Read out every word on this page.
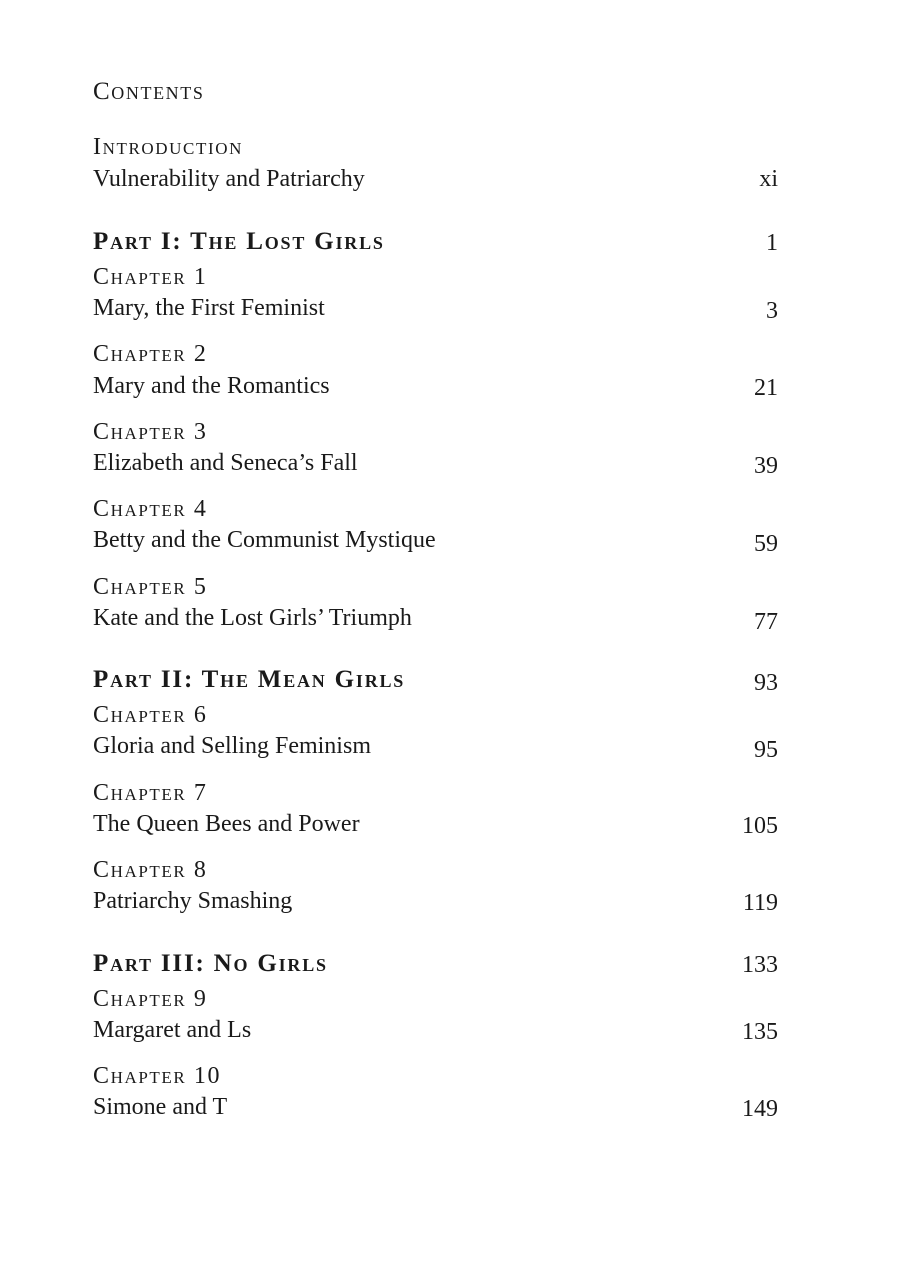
Contents
Introduction
Vulnerability and Patriarchy	xi
Part I: The Lost Girls	1
Chapter 1
Mary, the First Feminist	3
Chapter 2
Mary and the Romantics	21
Chapter 3
Elizabeth and Seneca’s Fall	39
Chapter 4
Betty and the Communist Mystique	59
Chapter 5
Kate and the Lost Girls’ Triumph	77
Part II: The Mean Girls	93
Chapter 6
Gloria and Selling Feminism	95
Chapter 7
The Queen Bees and Power	105
Chapter 8
Patriarchy Smashing	119
Part III: No Girls	133
Chapter 9
Margaret and Ls	135
Chapter 10
Simone and T	149
